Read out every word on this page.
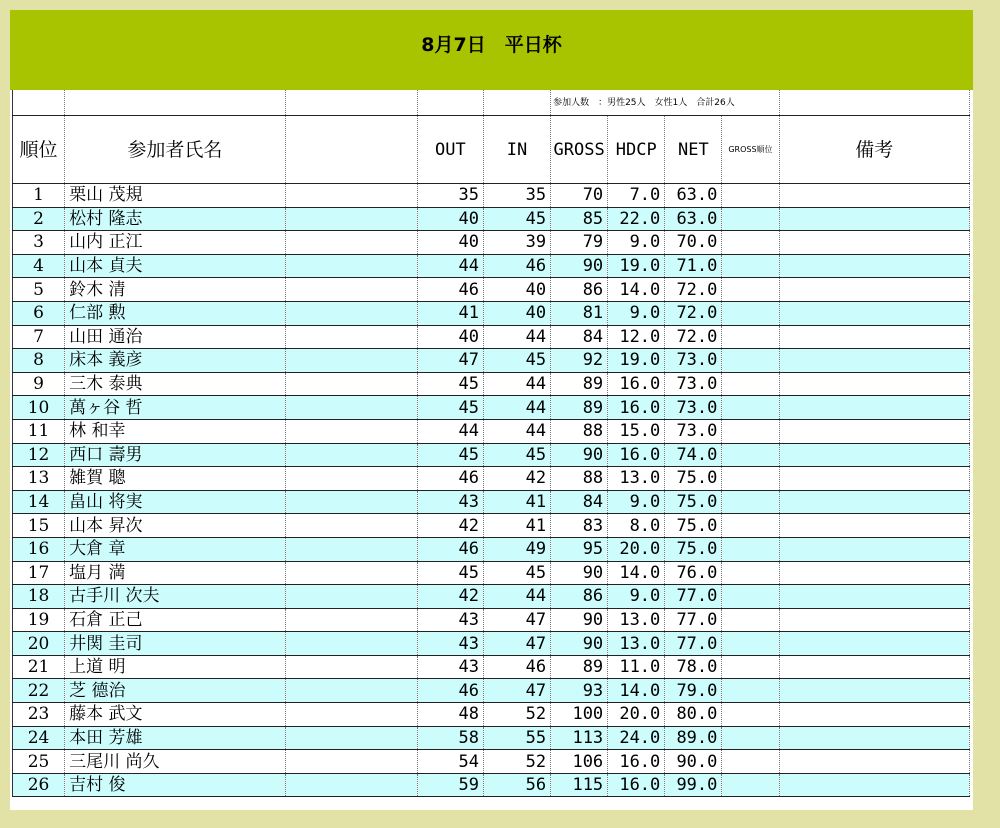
8月7日　平日杯
					参加人数　：男性25人　女性1人　合計26人				
順位	参加者氏名		OUT	IN	GROSS	HDCP	NET	GROSS順位	備考
1	栗山 茂規		35	35	70	7.0	63.0		
2	松村 隆志		40	45	85	22.0	63.0		
3	山内 正江		40	39	79	9.0	70.0		
4	山本 貞夫		44	46	90	19.0	71.0		
5	鈴木 清		46	40	86	14.0	72.0		
6	仁部 勲		41	40	81	9.0	72.0		
7	山田 通治		40	44	84	12.0	72.0		
8	床本 義彦		47	45	92	19.0	73.0		
9	三木 泰典		45	44	89	16.0	73.0		
10	萬ヶ谷 哲		45	44	89	16.0	73.0		
11	林 和幸		44	44	88	15.0	73.0		
12	西口 壽男		45	45	90	16.0	74.0		
13	雑賀 聰		46	42	88	13.0	75.0		
14	畠山 将実		43	41	84	9.0	75.0		
15	山本 昇次		42	41	83	8.0	75.0		
16	大倉 章		46	49	95	20.0	75.0		
17	塩月 満		45	45	90	14.0	76.0		
18	古手川 次夫		42	44	86	9.0	77.0		
19	石倉 正己		43	47	90	13.0	77.0		
20	井関 圭司		43	47	90	13.0	77.0		
21	上道 明		43	46	89	11.0	78.0		
22	芝 德治		46	47	93	14.0	79.0		
23	藤本 武文		48	52	100	20.0	80.0		
24	本田 芳雄		58	55	113	24.0	89.0		
25	三尾川 尚久		54	52	106	16.0	90.0		
26	吉村 俊		59	56	115	16.0	99.0		
